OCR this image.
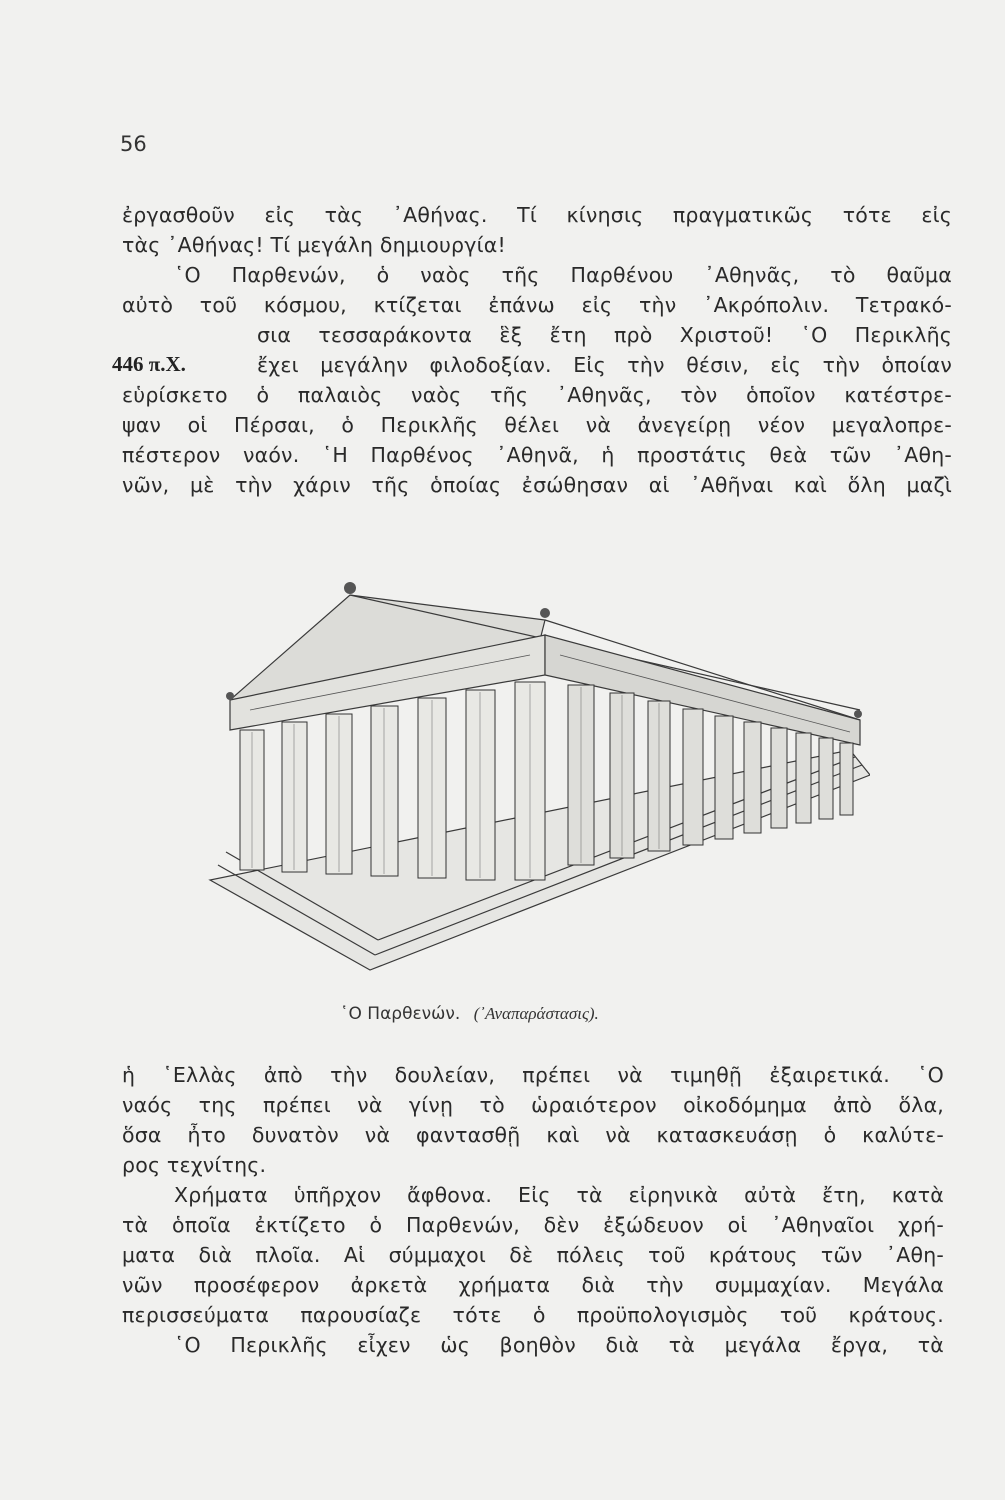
56
446 π.Χ.
ἐργασθοῦν εἰς τὰς ᾿Αθήνας. Τί κίνησις πραγματικῶς τότε εἰς
τὰς ᾿Αθήνας! Τί μεγάλη δημιουργία!
῾Ο Παρθενών, ὁ ναὸς τῆς Παρθένου ᾿Αθηνᾶς, τὸ θαῦμα
αὐτὸ τοῦ κόσμου, κτίζεται ἐπάνω εἰς τὴν ᾿Ακρόπολιν. Τετρακό-
σια τεσσαράκοντα ἓξ ἔτη πρὸ Χριστοῦ! ῾Ο Περικλῆς
ἔχει μεγάλην φιλοδοξίαν. Εἰς τὴν θέσιν, εἰς τὴν ὁποίαν
εὑρίσκετο ὁ παλαιὸς ναὸς τῆς ᾿Αθηνᾶς, τὸν ὁποῖον κατέστρε-
ψαν οἱ Πέρσαι, ὁ Περικλῆς θέλει νὰ ἀνεγείρῃ νέον μεγαλοπρε-
πέστερον ναόν. ῾Η Παρθένος ᾿Αθηνᾶ, ἡ προστάτις θεὰ τῶν ᾿Αθη-
νῶν, μὲ τὴν χάριν τῆς ὁποίας ἐσώθησαν αἱ ᾿Αθῆναι καὶ ὅλη μαζὶ
῾Ο Παρθενών. (᾿Αναπαράστασις).
ἡ ῾Ελλὰς ἀπὸ τὴν δουλείαν, πρέπει νὰ τιμηθῇ ἐξαιρετικά. ῾Ο
ναός της πρέπει νὰ γίνῃ τὸ ὡραιότερον οἰκοδόμημα ἀπὸ ὅλα,
ὅσα ἦτο δυνατὸν νὰ φαντασθῇ καὶ νὰ κατασκευάσῃ ὁ καλύτε-
ρος τεχνίτης.
Χρήματα ὑπῆρχον ἄφθονα. Εἰς τὰ εἰρηνικὰ αὐτὰ ἔτη, κατὰ
τὰ ὁποῖα ἐκτίζετο ὁ Παρθενών, δὲν ἐξώδευον οἱ ᾿Αθηναῖοι χρή-
ματα διὰ πλοῖα. Αἱ σύμμαχοι δὲ πόλεις τοῦ κράτους τῶν ᾿Αθη-
νῶν προσέφερον ἀρκετὰ χρήματα διὰ τὴν συμμαχίαν. Μεγάλα
περισσεύματα παρουσίαζε τότε ὁ προϋπολογισμὸς τοῦ κράτους.
῾Ο Περικλῆς εἶχεν ὡς βοηθὸν διὰ τὰ μεγάλα ἔργα, τὰ
